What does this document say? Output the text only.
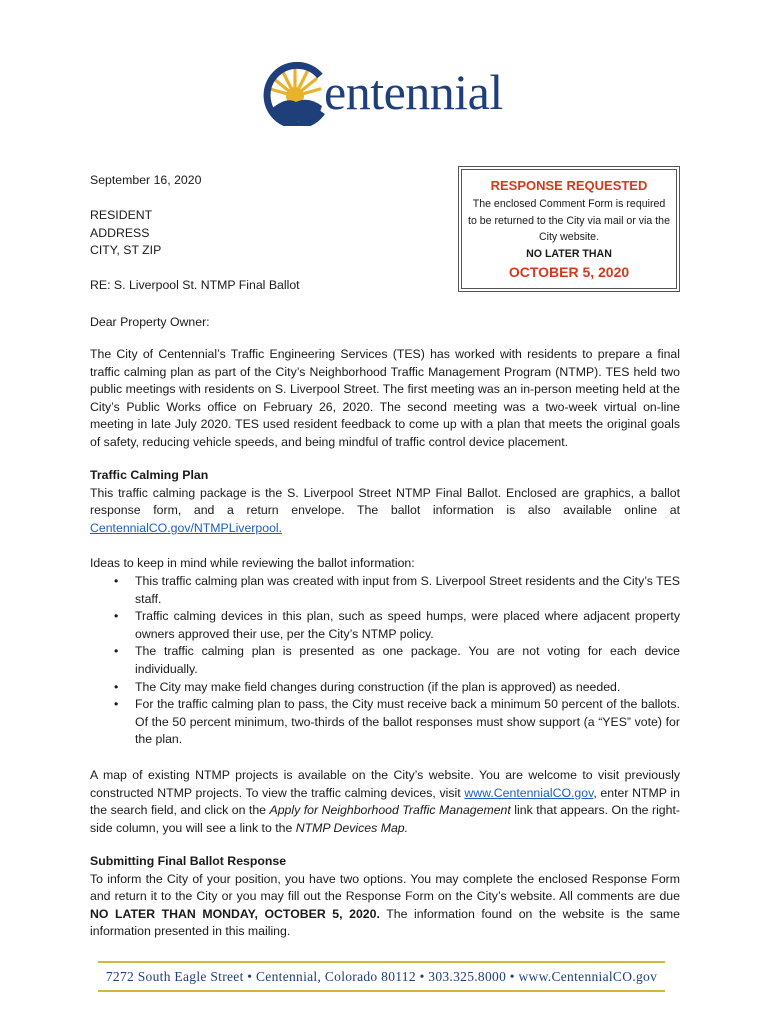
entennial
September 16, 2020
RESIDENT
ADDRESS
CITY, ST ZIP
RESPONSE REQUESTED
The enclosed Comment Form is required to be returned to the City via mail or via the City website.
NO LATER THAN
OCTOBER 5, 2020
RE: S. Liverpool St. NTMP Final Ballot
Dear Property Owner:
The City of Centennial’s Traffic Engineering Services (TES) has worked with residents to prepare a final traffic calming plan as part of the City’s Neighborhood Traffic Management Program (NTMP). TES held two public meetings with residents on S. Liverpool Street. The first meeting was an in-person meeting held at the City’s Public Works office on February 26, 2020. The second meeting was a two-week virtual on-line meeting in late July 2020. TES used resident feedback to come up with a plan that meets the original goals of safety, reducing vehicle speeds, and being mindful of traffic control device placement.
Traffic Calming Plan
This traffic calming package is the S. Liverpool Street NTMP Final Ballot. Enclosed are graphics, a ballot response form, and a return envelope. The ballot information is also available online at CentennialCO.gov/NTMPLiverpool.
Ideas to keep in mind while reviewing the ballot information:
• This traffic calming plan was created with input from S. Liverpool Street residents and the City’s TES staff.
• Traffic calming devices in this plan, such as speed humps, were placed where adjacent property owners approved their use, per the City’s NTMP policy.
• The traffic calming plan is presented as one package. You are not voting for each device individually.
• The City may make field changes during construction (if the plan is approved) as needed.
• For the traffic calming plan to pass, the City must receive back a minimum 50 percent of the ballots. Of the 50 percent minimum, two-thirds of the ballot responses must show support (a “YES” vote) for the plan.
A map of existing NTMP projects is available on the City’s website. You are welcome to visit previously constructed NTMP projects. To view the traffic calming devices, visit www.CentennialCO.gov, enter NTMP in the search field, and click on the Apply for Neighborhood Traffic Management link that appears. On the right-side column, you will see a link to the NTMP Devices Map.
Submitting Final Ballot Response
To inform the City of your position, you have two options. You may complete the enclosed Response Form and return it to the City or you may fill out the Response Form on the City’s website. All comments are due NO LATER THAN MONDAY, OCTOBER 5, 2020. The information found on the website is the same information presented in this mailing.
7272 South Eagle Street • Centennial, Colorado 80112 • 303.325.8000 • www.CentennialCO.gov
